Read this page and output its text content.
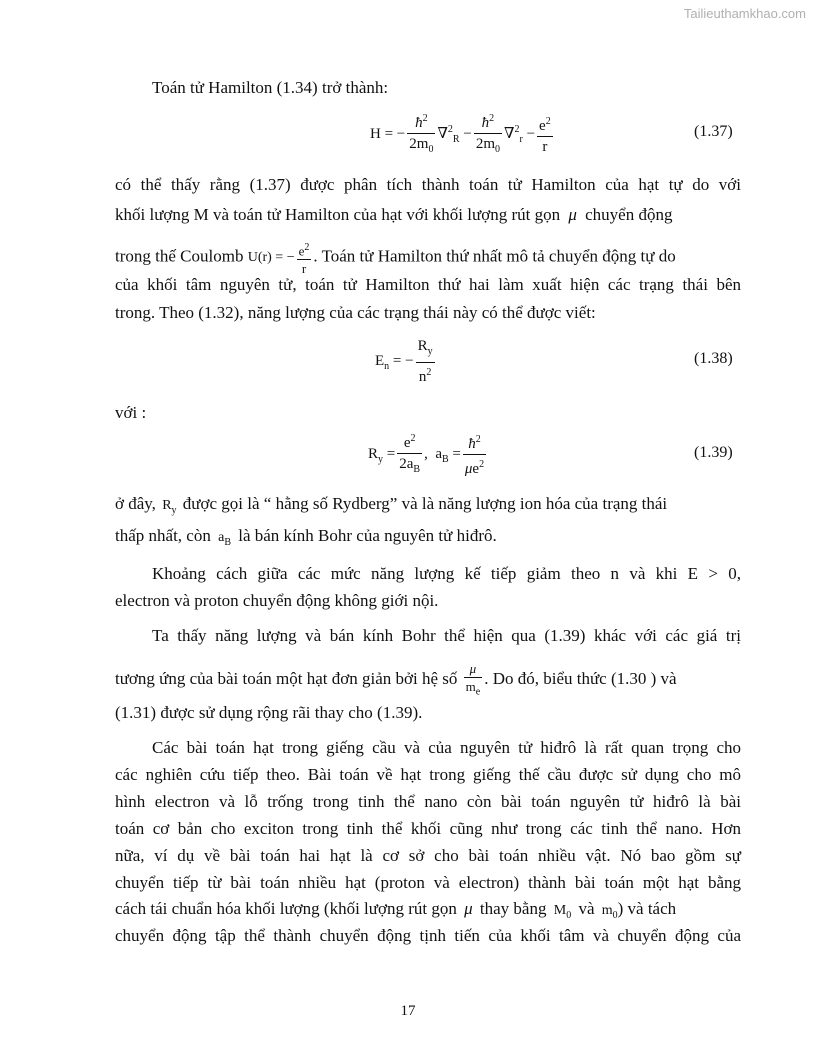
Tailieuthamkhao.com
Toán tử Hamilton (1.34) trở thành:
H = − $\frac{ħ^2}{2m_0} \nabla^2_R - \frac{ħ^2}{2m_0} \nabla^2_r - \frac{e^2}{r}$	(1.37)
có thể thấy rằng (1.37) được phân tích thành toán tử Hamilton của hạt tự do với
khối lượng M và toán tử Hamilton của hạt với khối lượng rút gọn μ chuyển động
trong thế Coulomb U(r) = − $\frac{e^2}{r}$ . Toán tử Hamilton thứ nhất mô tả chuyển động tự do
của khối tâm nguyên tử, toán tử Hamilton thứ hai làm xuất hiện các trạng thái bên
trong. Theo (1.32), năng lượng của các trạng thái này có thể được viết:
$E_n$ = − $\frac{R_y}{n^2}$	(1.38)
với :
$R_y = \frac{e^2}{2a_B}$ ,  $a_B = \frac{ħ^2}{\mu e^2}$	(1.39)
ở đây, $R_y$ được gọi là “ hằng số Rydberg” và là năng lượng ion hóa của trạng thái
thấp nhất, còn $a_B$ là bán kính Bohr của nguyên tử hiđrô.
Khoảng cách giữa các mức năng lượng kế tiếp giảm theo n và khi E > 0,
electron và proton chuyển động không giới nội.
Ta thấy năng lượng và bán kính Bohr thể hiện qua (1.39) khác với các giá trị
tương ứng của bài toán một hạt đơn giản bởi hệ số $\frac{\mu}{m_e}$ . Do đó, biểu thức (1.30 ) và
(1.31) được sử dụng rộng rãi thay cho (1.39).
Các bài toán hạt trong giếng cầu và của nguyên tử hiđrô là rất quan trọng cho
các nghiên cứu tiếp theo. Bài toán về hạt trong giếng thế cầu được sử dụng cho mô
hình electron và lỗ trống trong tinh thể nano còn bài toán nguyên tử hiđrô là bài
toán cơ bản cho exciton trong tinh thể khối cũng như trong các tinh thể nano. Hơn
nữa, ví dụ về bài toán hai hạt là cơ sở cho bài toán nhiều vật. Nó bao gồm sự
chuyển tiếp từ bài toán nhiều hạt (proton và electron) thành bài toán một hạt bằng
cách tái chuẩn hóa khối lượng (khối lượng rút gọn μ thay bằng $M_0$ và $m_0$) và tách
chuyển động tập thể thành chuyển động tịnh tiến của khối tâm và chuyển động của
17
